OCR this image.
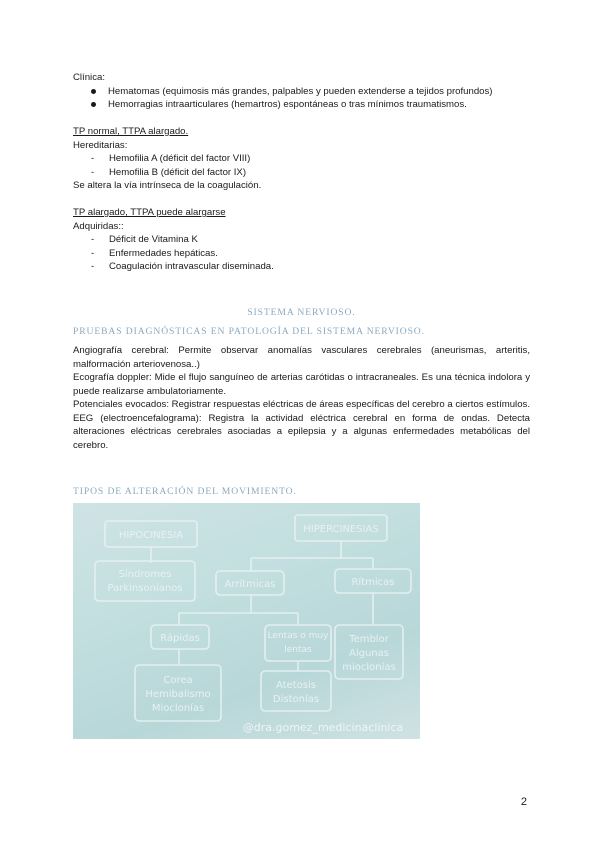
Clínica:
Hematomas (equimosis más grandes, palpables y pueden extenderse a tejidos profundos)
Hemorragias intraarticulares (hemartros) espontáneas o tras mínimos traumatismos.
TP normal, TTPA alargado.
Hereditarias:
- Hemofilia A (déficit del factor VIII)
- Hemofilia B (déficit del factor IX)
Se altera la vía intrínseca de la coagulación.
TP alargado, TTPA puede alargarse
Adquiridas::
- Déficit de Vitamina K
- Enfermedades hepáticas.
- Coagulación intravascular diseminada.
SISTEMA NERVIOSO.
PRUEBAS DIAGNÓSTICAS EN PATOLOGÍA DEL SISTEMA NERVIOSO.

Angiografía cerebral: Permite observar anomalías vasculares cerebrales (aneurismas, arteritis, malformación arteriovenosa..)

Ecografía doppler: Mide el flujo sanguíneo de arterias carótidas o intracraneales. Es una técnica indolora y puede realizarse ambulatoriamente.

Potenciales evocados: Registrar respuestas eléctricas de áreas específicas del cerebro a ciertos estímulos.

EEG (electroencefalograma): Registra la actividad eléctrica cerebral en forma de ondas. Detecta alteraciones eléctricas cerebrales asociadas a epilepsia y a algunas enfermedades metabólicas del cerebro.

TIPOS DE ALTERACIÓN DEL MOVIMIENTO.
HIPOCINESIA
Síndromes
Parkinsonianos
HIPERCINESIAS
Arrítmicas	Rítmicas
Rápidas	Lentas o muy
lentas
Temblor
Algunas
mioclonías
Corea
Hemibalismo
Mioclonías
Atetosis
Distonías
@dra.gomez_medicinaclinica
2
